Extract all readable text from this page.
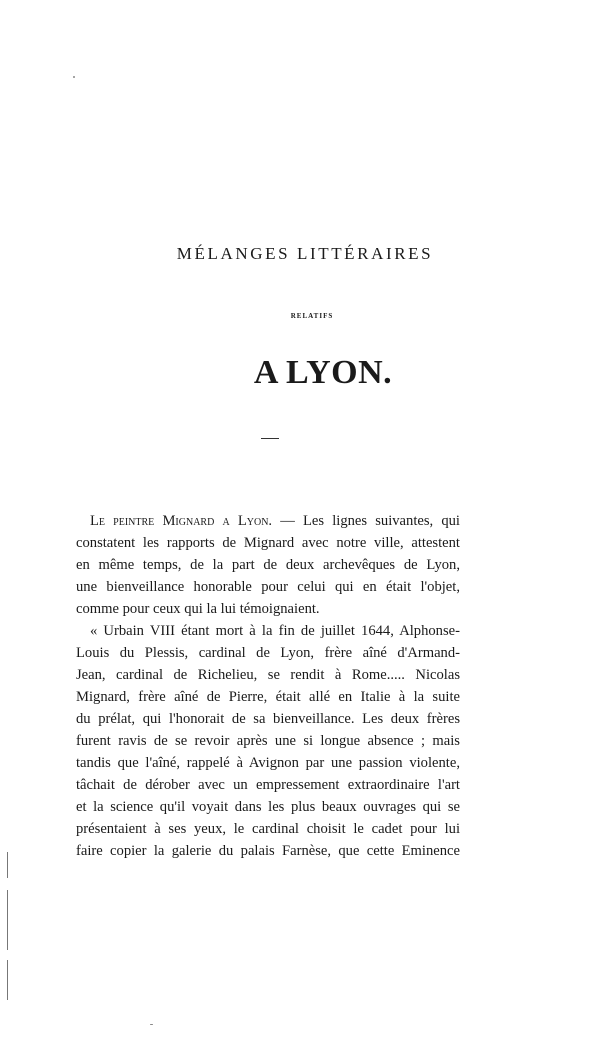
MÉLANGES LITTÉRAIRES
RELATIFS
A LYON.
Le peintre Mignard a Lyon. — Les lignes suivantes, qui
constatent les rapports de Mignard avec notre ville, attestent
en même temps, de la part de deux archevêques de Lyon,
une bienveillance honorable pour celui qui en était l'objet,
comme pour ceux qui la lui témoignaient.
« Urbain VIII étant mort à la fin de juillet 1644, Alphonse-
Louis du Plessis, cardinal de Lyon, frère aîné d'Armand-
Jean, cardinal de Richelieu, se rendit à Rome..... Nicolas
Mignard, frère aîné de Pierre, était allé en Italie à la suite
du prélat, qui l'honorait de sa bienveillance. Les deux frères
furent ravis de se revoir après une si longue absence ; mais
tandis que l'aîné, rappelé à Avignon par une passion violente,
tâchait de dérober avec un empressement extraordinaire l'art
et la science qu'il voyait dans les plus beaux ouvrages qui se
présentaient à ses yeux, le cardinal choisit le cadet pour lui
faire copier la galerie du palais Farnèse, que cette Eminence
